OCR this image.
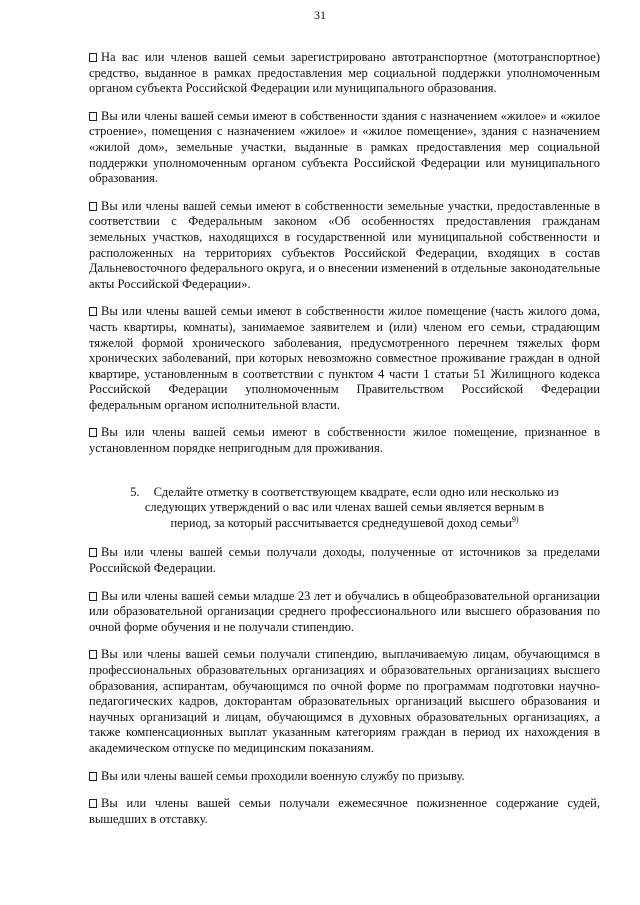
31

На вас или членов вашей семьи зарегистрировано автотранспортное (мототранспортное) средство, выданное в рамках предоставления мер социальной поддержки уполномоченным органом субъекта Российской Федерации или муниципального образования.

Вы или члены вашей семьи имеют в собственности здания с назначением «жилое» и «жилое строение», помещения с назначением «жилое» и «жилое помещение», здания с назначением «жилой дом», земельные участки, выданные в рамках предоставления мер социальной поддержки уполномоченным органом субъекта Российской Федерации или муниципального образования.

Вы или члены вашей семьи имеют в собственности земельные участки, предоставленные в соответствии с Федеральным законом «Об особенностях предоставления гражданам земельных участков, находящихся в государственной или муниципальной собственности и расположенных на территориях субъектов Российской Федерации, входящих в состав Дальневосточного федерального округа, и о внесении изменений в отдельные законодательные акты Российской Федерации».

Вы или члены вашей семьи имеют в собственности жилое помещение (часть жилого дома, часть квартиры, комнаты), занимаемое заявителем и (или) членом его семьи, страдающим тяжелой формой хронического заболевания, предусмотренного перечнем тяжелых форм хронических заболеваний, при которых невозможно совместное проживание граждан в одной квартире, установленным в соответствии с пунктом 4 части 1 статьи 51 Жилищного кодекса Российской Федерации уполномоченным Правительством Российской Федерации федеральным органом исполнительной власти.

Вы или члены вашей семьи имеют в собственности жилое помещение, признанное в установленном порядке непригодным для проживания.

5. Сделайте отметку в соответствующем квадрате, если одно или несколько из следующих утверждений о вас или членах вашей семьи является верным в период, за который рассчитывается среднедушевой доход семьи$^{9)}$

Вы или члены вашей семьи получали доходы, полученные от источников за пределами Российской Федерации.

Вы или члены вашей семьи младше 23 лет и обучались в общеобразовательной организации или образовательной организации среднего профессионального или высшего образования по очной форме обучения и не получали стипендию.

Вы или члены вашей семьи получали стипендию, выплачиваемую лицам, обучающимся в профессиональных образовательных организациях и образовательных организациях высшего образования, аспирантам, обучающимся по очной форме по программам подготовки научно-педагогических кадров, докторантам образовательных организаций высшего образования и научных организаций и лицам, обучающимся в духовных образовательных организациях, а также компенсационных выплат указанным категориям граждан в период их нахождения в академическом отпуске по медицинским показаниям.

Вы или члены вашей семьи проходили военную службу по призыву.

Вы или члены вашей семьи получали ежемесячное пожизненное содержание судей, вышедших в отставку.
